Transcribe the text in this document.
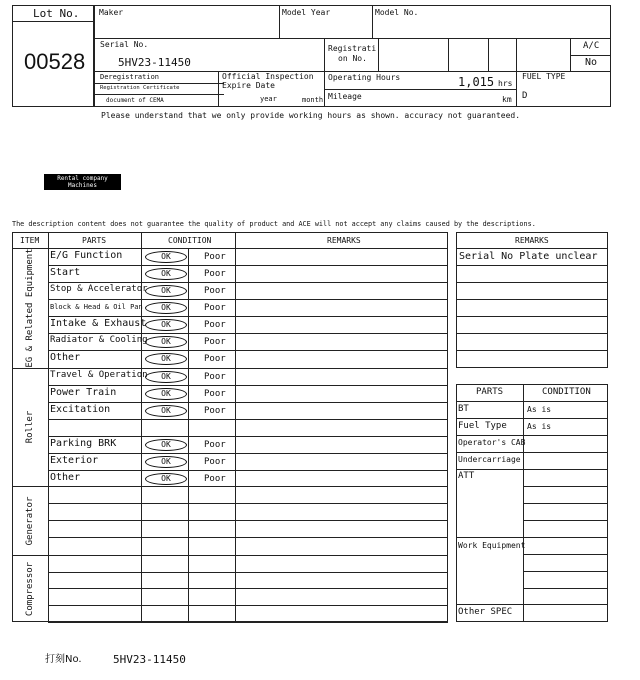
Lot No.
00528
Maker	Model Year	Model No.
Serial No.
5HV23-11450
Registrati
on No.
A/C
No
Deregistration
Registration Certificate
document of CEMA
Official Inspection
Expire Date
year	month
Operating Hours	1,015 hrs
Mileage	km
FUEL TYPE
D
Please understand that we only provide working hours as shown. accuracy not guaranteed.
Rental company
Machines
The description content does not guarantee the quality of product and ACE will not accept any claims caused by the descriptions.
ITEM	PARTS	CONDITION	REMARKS
EG & Related Equipment
Roller
Generator
Compressor
E/G Function	OK	Poor
Start	OK	Poor
Stop & Accelerator	OK	Poor
Block & Head & Oil Pan	OK	Poor
Intake & Exhaust	OK	Poor
Radiator & Cooling	OK	Poor
Other	OK	Poor
Travel & Operation	OK	Poor
Power Train	OK	Poor
Excitation	OK	Poor
Parking BRK	OK	Poor
Exterior	OK	Poor
Other	OK	Poor
REMARKS
Serial No Plate unclear
PARTS	CONDITION
BT	As is
Fuel Type	As is
Operator's CAB
Undercarriage
ATT
Work Equipment
Other SPEC
打刻No.	5HV23-11450
